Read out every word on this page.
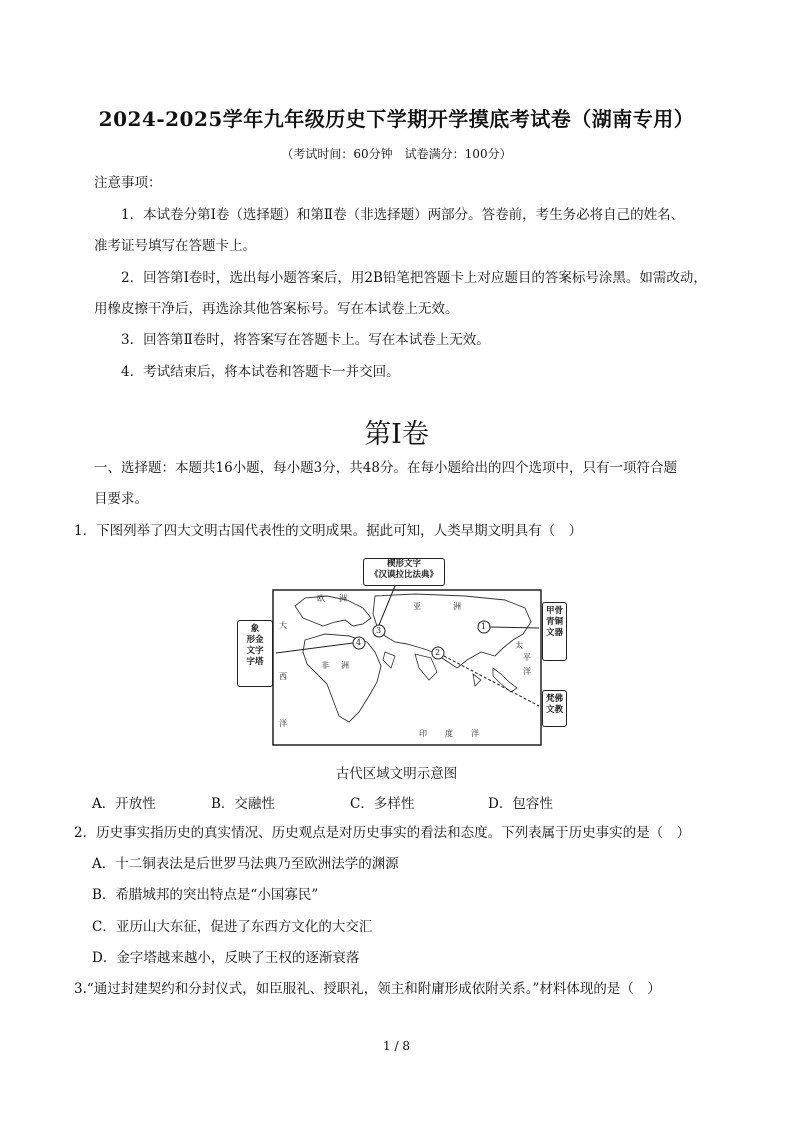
2024-2025学年九年级历史下学期开学摸底考试卷（湖南专用）
（考试时间：60分钟　试卷满分：100分）
注意事项：
1．本试卷分第Ⅰ卷（选择题）和第Ⅱ卷（非选择题）两部分。答卷前，考生务必将自己的姓名、
准考证号填写在答题卡上。
2．回答第Ⅰ卷时，选出每小题答案后，用2B铅笔把答题卡上对应题目的答案标号涂黑。如需改动，
用橡皮擦干净后，再选涂其他答案标号。写在本试卷上无效。
3．回答第Ⅱ卷时，将答案写在答题卡上。写在本试卷上无效。
4．考试结束后，将本试卷和答题卡一并交回。
第Ⅰ卷
一、选择题：本题共16小题，每小题3分，共48分。在每小题给出的四个选项中，只有一项符合题
目要求。
1．下图列举了四大文明古国代表性的文明成果。据此可知，人类早期文明具有（　）
欧 洲
亚	洲
大
西
洋
非 洲
印 度 洋
太
平
洋
1
2
3
4
楔形文字
《汉谟拉比法典》
象
形金
文字
字塔
甲骨
青铜
文器
梵佛
文教
古代区域文明示意图
A．开放性	B．交融性	C．多样性	D．包容性
2．历史事实指历史的真实情况、历史观点是对历史事实的看法和态度。下列表属于历史事实的是（　）
A．十二铜表法是后世罗马法典乃至欧洲法学的渊源
B．希腊城邦的突出特点是“小国寡民”
C．亚历山大东征，促进了东西方文化的大交汇
D．金字塔越来越小，反映了王权的逐渐衰落
3.“通过封建契约和分封仪式，如臣服礼、授职礼，领主和附庸形成依附关系。”材料体现的是（　）
1 / 8
